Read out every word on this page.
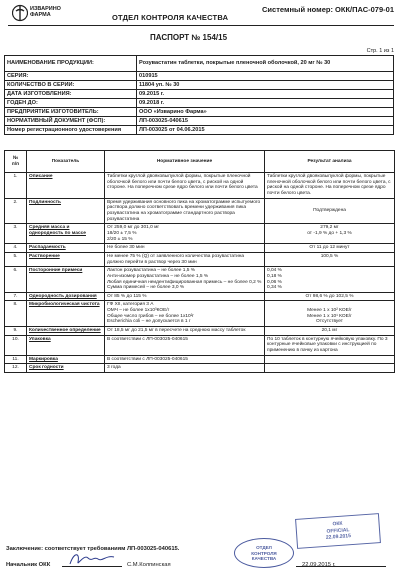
ИЗВАРИНО
ФАРМА	ОТДЕЛ КОНТРОЛЯ КАЧЕСТВА
Системный номер: ОКК/ПАС-079-01
ПАСПОРТ № 154/15
Стр. 1 из 1
НАИМЕНОВАНИЕ ПРОДУКЦИИ:	Розувастатин таблетки, покрытые пленочной оболочкой, 20 мг № 30
СЕРИЯ:	010915
КОЛИЧЕСТВО В СЕРИИ:	11804 уп. № 30
ДАТА ИЗГОТОВЛЕНИЯ:	09.2015 г.
ГОДЕН ДО:	09.2018 г.
ПРЕДПРИЯТИЕ ИЗГОТОВИТЕЛЬ:	ООО «Изварино Фарма»
НОРМАТИВНЫЙ ДОКУМЕНТ (ФСП):	ЛП-003025-040615
Номер регистрационного удостоверения	ЛП-003025 от 04.06.2015
№
п/п	Показатель	Нормативное значение	Результат анализа
1.	Описание	Таблетки круглой двояковыпуклой формы, покрытые пленочной оболочкой белого или почти белого цвета, с риской на одной стороне. На поперечном срезе ядро белого или почти белого цвета	Таблетки круглой двояковыпуклой формы, покрытые пленочной оболочкой белого или почти белого цвета, с риской на одной стороне. На поперечном срезе ядро почти белого цвета.
2.	Подлинность	Время удерживания основного пика на хроматограмме испытуемого раствора должно соответствовать времени удерживания пика розувастатина на хроматограмме стандартного раствора розувастатина	Подтверждена
3.	Средняя масса и однородность по массе	От 259,0 мг до 301,0 мг
18/20 ± 7,5 %
2/20 ± 15 %	279,2 мг
от -1,9 % до + 1,3 %
4.	Распадаемость	Не более 30 мин	От 11 до 12 минут
5.	Растворение	Не менее 75 % (Q) от заявленного количества розувастатина должно перейти в раствор через 30 мин	100,5 %
6.	Посторонние примеси	Лактон розувастатина – не более 1,5 %
Анти-изомер розувастатина – не более 1,5 %
Любая единичная неидентифицированная примесь – не более 0,2 %
Сумма примесей – не более 3,0 %	0,04 %
0,18 %
0,06 %
0,34 %
7.	Однородность дозирования	От 85 % до 115 %	От 98,6 % до 102,5 %
8.	Микробиологическая чистота	ГФ XII, категория 3 А
ОМЧ – не более 1х10³КОЕ/г
Общее число грибов – не более 1х10²г
Escherichia coli – не допускается в 1 г	Менее 1 х 10² КОЕ/г
Менее 1 х 10¹ КОЕ/г
Отсутствует
9.	Количественное определение	От 18,5 мг до 21,5 мг в пересчете на среднюю массу таблеток	20,1 мг
10.	Упаковка	В соответствии с ЛП-003025-040615	По 10 таблеток в контурную ячейковую упаковку. По 3 контурные ячейковые упаковки с инструкцией по применению в пачку из картона
11.	Маркировка	В соответствии с ЛП-003025-040615	
12.	Срок годности	3 года	
ОКК
OFFICIAL
22.09.2015
Заключение: соответствует требованиям ЛП-003025-040615.
Начальник ОКК	С.М.Колпинская
ОТДЕЛ
КОНТРОЛЯ
КАЧЕСТВА
22.09.2015 г.
